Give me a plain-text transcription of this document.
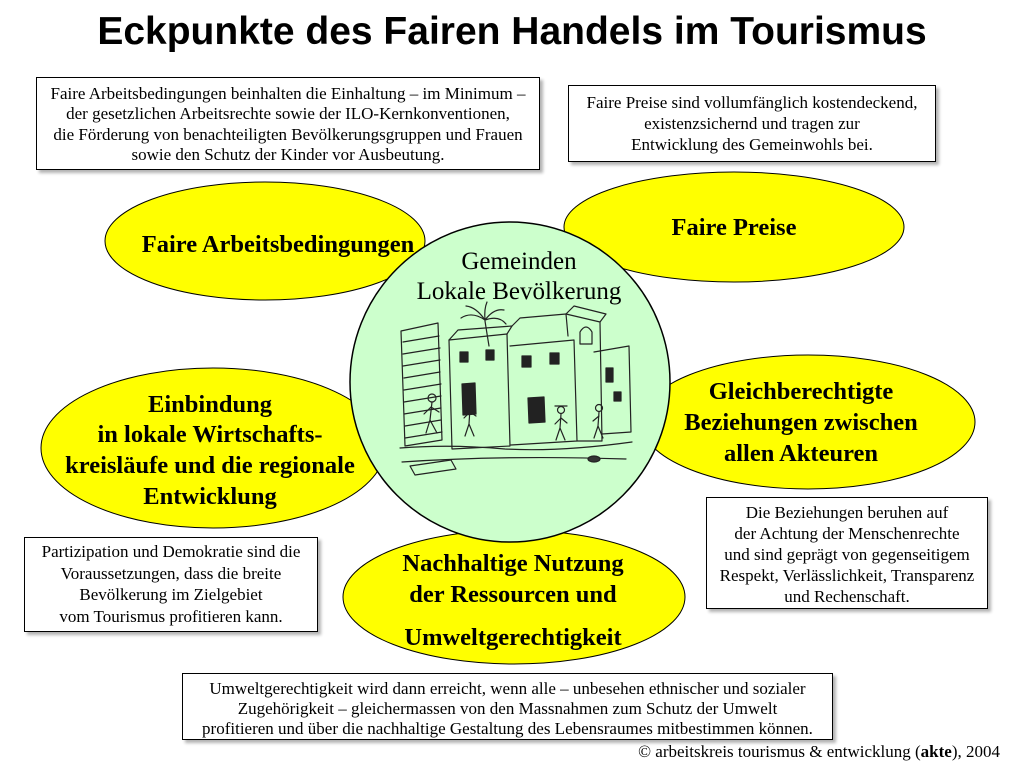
Eckpunkte des Fairen Handels im Tourismus
Faire Arbeitsbedingungen
Faire Preise
Gleichberechtigte
Beziehungen zwischen
allen Akteuren
Einbindung
in lokale Wirtschafts-
kreisläufe und die regionale
Entwicklung
Nachhaltige Nutzung
der Ressourcen und
Umweltgerechtigkeit
Gemeinden
Lokale Bevölkerung
Faire Arbeitsbedingungen beinhalten die Einhaltung – im Minimum –
der gesetzlichen Arbeitsrechte sowie der ILO-Kernkonventionen,
die Förderung von benachteiligten Bevölkerungsgruppen und Frauen
sowie den Schutz der Kinder vor Ausbeutung.
Faire Preise sind vollumfänglich kostendeckend,
existenzsichernd und tragen zur
Entwicklung des Gemeinwohls bei.
Die Beziehungen beruhen auf
der Achtung der Menschenrechte
und sind geprägt von gegenseitigem
Respekt, Verlässlichkeit, Transparenz
und Rechenschaft.
Partizipation und Demokratie sind die
Voraussetzungen, dass die breite
Bevölkerung im Zielgebiet
vom Tourismus profitieren kann.
Umweltgerechtigkeit wird dann erreicht, wenn alle – unbesehen ethnischer und sozialer
Zugehörigkeit – gleichermassen von den Massnahmen zum Schutz der Umwelt
profitieren und über die nachhaltige Gestaltung des Lebensraumes mitbestimmen können.
© arbeitskreis tourismus & entwicklung (akte), 2004
